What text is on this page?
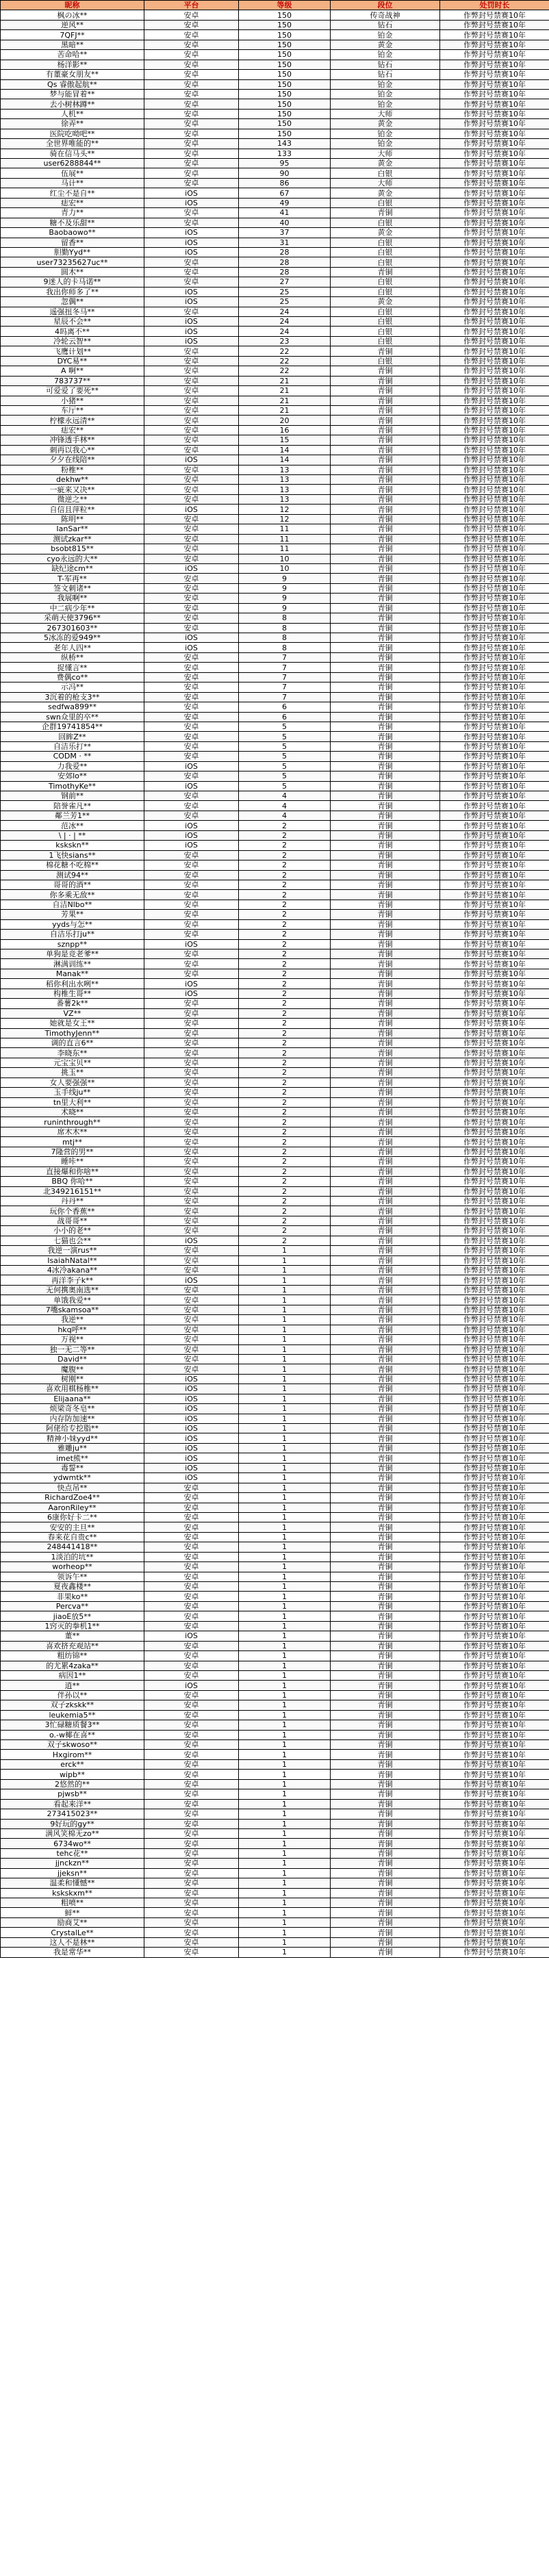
昵称	平台	等级	段位	处罚时长
枫の冰**	安卓	150	传奇战神	作弊封号禁赛10年
逆风**	安卓	150	钻石	作弊封号禁赛10年
7QFJ**	安卓	150	铂金	作弊封号禁赛10年
黑暗**	安卓	150	黄金	作弊封号禁赛10年
苦命哈**	安卓	150	铂金	作弊封号禁赛10年
杨洋影**	安卓	150	钻石	作弊封号禁赛10年
有董豪女朋友**	安卓	150	钻石	作弊封号禁赛10年
Qs 睿傲起航**	安卓	150	铂金	作弊封号禁赛10年
梦与能冒着**	安卓	150	铂金	作弊封号禁赛10年
去小树林蹲**	安卓	150	铂金	作弊封号禁赛10年
人机**	安卓	150	大师	作弊封号禁赛10年
徐弄**	安卓	150	黄金	作弊封号禁赛10年
医院吃呦吧**	安卓	150	铂金	作弊封号禁赛10年
全世界唯能的**	安卓	143	铂金	作弊封号禁赛10年
骑在信马头**	安卓	133	大师	作弊封号禁赛10年
user6288844**	安卓	95	黄金	作弊封号禁赛10年
伍展**	安卓	90	白银	作弊封号禁赛10年
马计**	安卓	86	大师	作弊封号禁赛10年
红尘不是自**	iOS	67	黄金	作弊封号禁赛10年
痣宏**	iOS	49	白银	作弊封号禁赛10年
青力**	安卓	41	青铜	作弊封号禁赛10年
糖不及乐甜**	安卓	40	白银	作弊封号禁赛10年
Baobaowo**	iOS	37	黄金	作弊封号禁赛10年
留香**	iOS	31	白银	作弊封号禁赛10年
胆勤Yyd**	iOS	28	白银	作弊封号禁赛10年
user73235627uc**	安卓	28	白银	作弊封号禁赛10年
圆木**	安卓	28	青铜	作弊封号禁赛10年
9迷人的卡马诺**	安卓	27	白银	作弊封号禁赛10年
我出你师多了**	iOS	25	白银	作弊封号禁赛10年
忽偶**	iOS	25	黄金	作弊封号禁赛10年
遥强扭冬马**	安卓	24	白银	作弊封号禁赛10年
星辰不会**	iOS	24	白银	作弊封号禁赛10年
4吗离不**	iOS	24	白银	作弊封号禁赛10年
冷轮云智**	iOS	23	白银	作弊封号禁赛10年
飞鹰计划**	安卓	22	青铜	作弊封号禁赛10年
DYC易**	安卓	22	白银	作弊封号禁赛10年
A 啊**	安卓	22	青铜	作弊封号禁赛10年
783737**	安卓	21	青铜	作弊封号禁赛10年
可爱爱了要死**	安卓	21	青铜	作弊封号禁赛10年
小猪**	安卓	21	青铜	作弊封号禁赛10年
车厅**	安卓	21	青铜	作弊封号禁赛10年
柠檬永远清**	安卓	20	青铜	作弊封号禁赛10年
痣宏**	安卓	16	青铜	作弊封号禁赛10年
冲锋透手林**	安卓	15	青铜	作弊封号禁赛10年
刺再以我心**	安卓	14	青铜	作弊封号禁赛10年
夕夕在线陪**	iOS	14	青铜	作弊封号禁赛10年
粉椎**	安卓	13	青铜	作弊封号禁赛10年
dekhw**	安卓	13	青铜	作弊封号禁赛10年
一疵来又决**	安卓	13	青铜	作弊封号禁赛10年
微逆之**	安卓	13	青铜	作弊封号禁赛10年
自信且萍粒**	iOS	12	青铜	作弊封号禁赛10年
陈明**	安卓	12	青铜	作弊封号禁赛10年
IanSar**	安卓	11	青铜	作弊封号禁赛10年
测试zkar**	安卓	11	青铜	作弊封号禁赛10年
bsobt815**	安卓	11	青铜	作弊封号禁赛10年
cyo永远的大**	安卓	10	青铜	作弊封号禁赛10年
缺纪途cm**	iOS	10	青铜	作弊封号禁赛10年
T-军再**	安卓	9	青铜	作弊封号禁赛10年
签文刺诸**	安卓	9	青铜	作弊封号禁赛10年
我展啊**	安卓	9	青铜	作弊封号禁赛10年
中二病少年**	安卓	9	青铜	作弊封号禁赛10年
采萌天使3796**	安卓	8	青铜	作弊封号禁赛10年
267301603**	安卓	8	青铜	作弊封号禁赛10年
5冰冻的爱949**	iOS	8	青铜	作弊封号禁赛10年
老年人四**	iOS	8	青铜	作弊封号禁赛10年
纵桥**	安卓	7	青铜	作弊封号禁赛10年
捉懂言**	安卓	7	青铜	作弊封号禁赛10年
费偶co**	安卓	7	青铜	作弊封号禁赛10年
示冯**	安卓	7	青铜	作弊封号禁赛10年
3沉着的枪支3**	安卓	7	青铜	作弊封号禁赛10年
sedfwa899**	安卓	6	青铜	作弊封号禁赛10年
swn众里的卒**	安卓	6	青铜	作弊封号禁赛10年
企群19741854**	安卓	5	青铜	作弊封号禁赛10年
回眸Z**	安卓	5	青铜	作弊封号禁赛10年
自洁乐打**	安卓	5	青铜	作弊封号禁赛10年
CODM · **	安卓	5	青铜	作弊封号禁赛10年
力我爱**	iOS	5	青铜	作弊封号禁赛10年
安郊lo**	安卓	5	青铜	作弊封号禁赛10年
TimothyKe**	iOS	5	青铜	作弊封号禁赛10年
钢前**	安卓	4	青铜	作弊封号禁赛10年
陪誉雀凡**	安卓	4	青铜	作弊封号禁赛10年
鄰兰芳1**	安卓	4	青铜	作弊封号禁赛10年
范冰**	iOS	2	青铜	作弊封号禁赛10年
\ | · | **	iOS	2	青铜	作弊封号禁赛10年
kskskn**	iOS	2	青铜	作弊封号禁赛10年
1飞快sians**	安卓	2	青铜	作弊封号禁赛10年
棉花糖不吃棉**	安卓	2	青铜	作弊封号禁赛10年
测试94**	安卓	2	青铜	作弊封号禁赛10年
哥哥的酒**	安卓	2	青铜	作弊封号禁赛10年
你多乘无敌**	安卓	2	青铜	作弊封号禁赛10年
自洁Nlbo**	安卓	2	青铜	作弊封号禁赛10年
芳果**	安卓	2	青铜	作弊封号禁赛10年
yyds与怎**	安卓	2	青铜	作弊封号禁赛10年
自洁乐打ju**	安卓	2	青铜	作弊封号禁赛10年
sznpp**	iOS	2	青铜	作弊封号禁赛10年
单狗是竞老爹**	安卓	2	青铜	作弊封号禁赛10年
淋满训练**	安卓	2	青铜	作弊封号禁赛10年
Manak**	安卓	2	青铜	作弊封号禁赛10年
稻你利出水咧**	iOS	2	青铜	作弊封号禁赛10年
构椎生哥**	iOS	2	青铜	作弊封号禁赛10年
番薯2k**	安卓	2	青铜	作弊封号禁赛10年
VZ**	安卓	2	青铜	作弊封号禁赛10年
她就是女王**	安卓	2	青铜	作弊封号禁赛10年
TimothyJenn**	安卓	2	青铜	作弊封号禁赛10年
调的直言6**	安卓	2	青铜	作弊封号禁赛10年
李晓东**	安卓	2	青铜	作弊封号禁赛10年
元宝宝贝**	安卓	2	青铜	作弊封号禁赛10年
挑玉**	安卓	2	青铜	作弊封号禁赛10年
女人要强强**	安卓	2	青铜	作弊封号禁赛10年
玉手线ju**	安卓	2	青铜	作弊封号禁赛10年
tn里大利**	安卓	2	青铜	作弊封号禁赛10年
术晓**	安卓	2	青铜	作弊封号禁赛10年
runinthrough**	安卓	2	青铜	作弊封号禁赛10年
席木木**	安卓	2	青铜	作弊封号禁赛10年
mtj**	安卓	2	青铜	作弊封号禁赛10年
7隆营的男**	安卓	2	青铜	作弊封号禁赛10年
睡咔**	安卓	2	青铜	作弊封号禁赛10年
直接爆和你啥**	安卓	2	青铜	作弊封号禁赛10年
BBQ 你哈**	安卓	2	青铜	作弊封号禁赛10年
北349216151**	安卓	2	青铜	作弊封号禁赛10年
丹丹**	安卓	2	青铜	作弊封号禁赛10年
玩你个香蕉**	安卓	2	青铜	作弊封号禁赛10年
战哥哥**	安卓	2	青铜	作弊封号禁赛10年
小小的老**	安卓	2	青铜	作弊封号禁赛10年
七猫也会**	iOS	2	青铜	作弊封号禁赛10年
我逆一演rus**	安卓	1	青铜	作弊封号禁赛10年
IsaiahNatal**	安卓	1	青铜	作弊封号禁赛10年
4冰冷akana**	安卓	1	青铜	作弊封号禁赛10年
再洋李子k**	iOS	1	青铜	作弊封号禁赛10年
无何携奥南选**	安卓	1	青铜	作弊封号禁赛10年
单饿我爱**	安卓	1	青铜	作弊封号禁赛10年
7嘴skamsoa**	安卓	1	青铜	作弊封号禁赛10年
我逆**	安卓	1	青铜	作弊封号禁赛10年
hkq呼**	安卓	1	青铜	作弊封号禁赛10年
万视**	安卓	1	青铜	作弊封号禁赛10年
独一无二等**	安卓	1	青铜	作弊封号禁赛10年
David**	安卓	1	青铜	作弊封号禁赛10年
魔腹**	安卓	1	青铜	作弊封号禁赛10年
树刚**	iOS	1	青铜	作弊封号禁赛10年
喜欢用棋杨椎**	iOS	1	青铜	作弊封号禁赛10年
Elijaana**	iOS	1	青铜	作弊封号禁赛10年
烦梁奇冬皂**	iOS	1	青铜	作弊封号禁赛10年
内存防加速**	iOS	1	青铜	作弊封号禁赛10年
阿佬给专挖脂**	iOS	1	青铜	作弊封号禁赛10年
精神小妹yyd**	iOS	1	青铜	作弊封号禁赛10年
雅雕ju**	iOS	1	青铜	作弊封号禁赛10年
imet熊**	iOS	1	青铜	作弊封号禁赛10年
毒誓**	iOS	1	青铜	作弊封号禁赛10年
ydwmtk**	iOS	1	青铜	作弊封号禁赛10年
快点吊**	安卓	1	青铜	作弊封号禁赛10年
RichardZoe4**	安卓	1	青铜	作弊封号禁赛10年
AaronRiley**	安卓	1	青铜	作弊封号禁赛10年
6康你好卡二**	安卓	1	青铜	作弊封号禁赛10年
安安的主旦**	安卓	1	青铜	作弊封号禁赛10年
春来花自贵c**	安卓	1	青铜	作弊封号禁赛10年
248441418**	安卓	1	青铜	作弊封号禁赛10年
1淡泊的坑**	安卓	1	青铜	作弊封号禁赛10年
worheop**	安卓	1	青铜	作弊封号禁赛10年
领诉午**	安卓	1	青铜	作弊封号禁赛10年
夏夜鑫楼**	安卓	1	青铜	作弊封号禁赛10年
非果ko**	安卓	1	青铜	作弊封号禁赛10年
Percva**	安卓	1	青铜	作弊封号禁赛10年
jiaoE放5**	安卓	1	青铜	作弊封号禁赛10年
1窍灭的拳机1**	安卓	1	青铜	作弊封号禁赛10年
董**	iOS	1	青铜	作弊封号禁赛10年
喜欢挤充观站**	安卓	1	青铜	作弊封号禁赛10年
粗纺锦**	安卓	1	青铜	作弊封号禁赛10年
的尤累4zaka**	安卓	1	青铜	作弊封号禁赛10年
病因1**	安卓	1	青铜	作弊封号禁赛10年
逍**	iOS	1	青铜	作弊封号禁赛10年
伴孙以**	安卓	1	青铜	作弊封号禁赛10年
双子zkskk**	安卓	1	青铜	作弊封号禁赛10年
leukemia5**	安卓	1	青铜	作弊封号禁赛10年
3忙碌糖质餐3**	安卓	1	青铜	作弊封号禁赛10年
o.-w椰在喜**	安卓	1	青铜	作弊封号禁赛10年
双子skwoso**	安卓	1	青铜	作弊封号禁赛10年
Hxgirom**	安卓	1	青铜	作弊封号禁赛10年
erck**	安卓	1	青铜	作弊封号禁赛10年
wipb**	安卓	1	青铜	作弊封号禁赛10年
2悠然的**	安卓	1	青铜	作弊封号禁赛10年
pjwsb**	安卓	1	青铜	作弊封号禁赛10年
看起来洋**	安卓	1	青铜	作弊封号禁赛10年
273415023**	安卓	1	青铜	作弊封号禁赛10年
9好玩的gy**	安卓	1	青铜	作弊封号禁赛10年
满风笑棉无zo**	安卓	1	青铜	作弊封号禁赛10年
6734wo**	安卓	1	青铜	作弊封号禁赛10年
tehc花**	安卓	1	青铜	作弊封号禁赛10年
jjnckzn**	安卓	1	青铜	作弊封号禁赛10年
jjeksn**	安卓	1	青铜	作弊封号禁赛10年
温柔和懂憾**	安卓	1	青铜	作弊封号禁赛10年
kskskxm**	安卓	1	青铜	作弊封号禁赛10年
粗喷**	安卓	1	青铜	作弊封号禁赛10年
鲜**	安卓	1	青铜	作弊封号禁赛10年
励商艾**	安卓	1	青铜	作弊封号禁赛10年
CrystalLe**	安卓	1	青铜	作弊封号禁赛10年
这人不是林**	安卓	1	青铜	作弊封号禁赛10年
我是常华**	安卓	1	青铜	作弊封号禁赛10年
